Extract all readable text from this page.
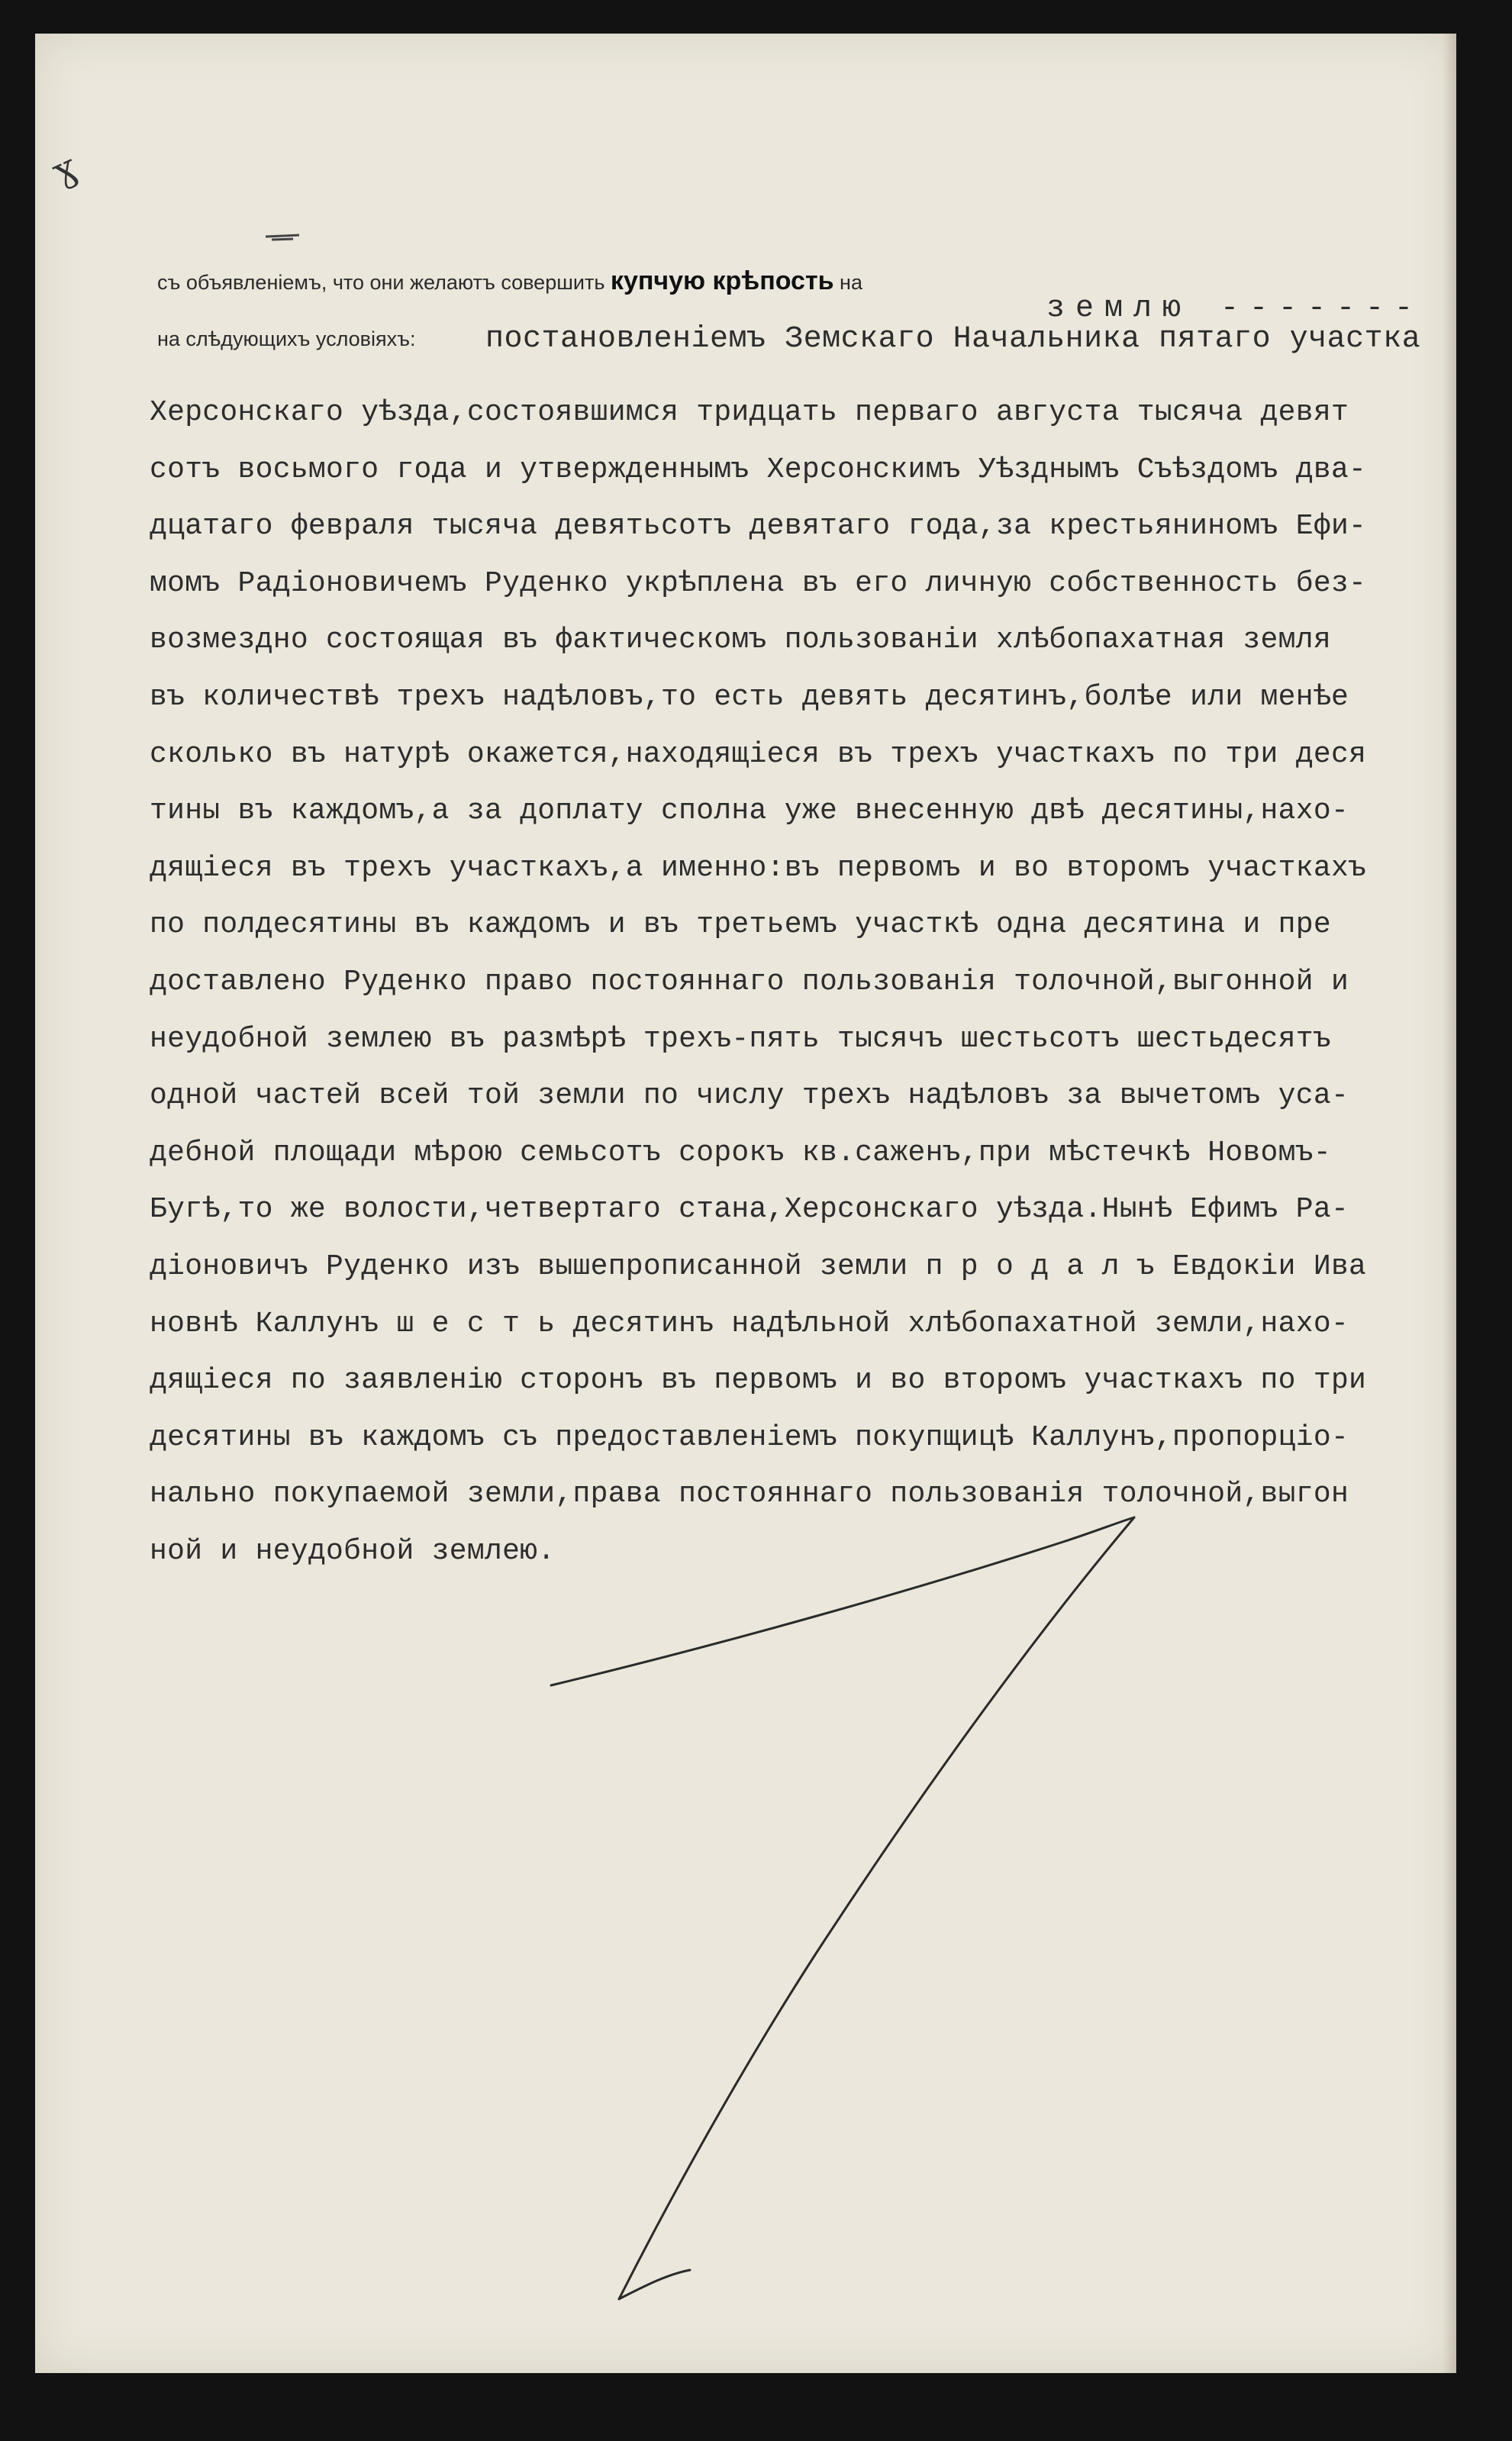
ɣ
съ объявленіемъ, что они желаютъ совершить купчую крѣпость на
землю -------
на слѣдующихъ условіяхъ: постановленіемъ Земскаго Начальника пятаго участка
Херсонскаго уѣзда,состоявшимся тридцать перваго августа тысяча девят
сотъ восьмого года и утвержденнымъ Херсонскимъ Уѣзднымъ Съѣздомъ два-
дцатаго февраля тысяча девятьсотъ девятаго года,за крестьяниномъ Ефи-
момъ Радіоновичемъ Руденко укрѣплена въ его личную собственность без-
возмездно состоящая въ фактическомъ пользованіи хлѣбопахатная земля
въ количествѣ трехъ надѣловъ,то есть девять десятинъ,болѣе или менѣе
сколько въ натурѣ окажется,находящіеся въ трехъ участкахъ по три деся
тины въ каждомъ,а за доплату сполна уже внесенную двѣ десятины,нахо-
дящіеся въ трехъ участкахъ,а именно:въ первомъ и во второмъ участкахъ
по полдесятины въ каждомъ и въ третьемъ участкѣ одна десятина и пре
доставлено Руденко право постояннаго пользованія толочной,выгонной и
неудобной землею въ размѣрѣ трехъ-пять тысячъ шестьсотъ шестьдесятъ
одной частей всей той земли по числу трехъ надѣловъ за вычетомъ уса-
дебной площади мѣрою семьсотъ сорокъ кв.саженъ,при мѣстечкѣ Новомъ-
Бугѣ,то же волости,четвертаго стана,Херсонскаго уѣзда.Нынѣ Ефимъ Ра-
діоновичъ Руденко изъ вышепрописанной земли п р о д а л ъ Евдокіи Ива
новнѣ Каллунъ ш е с т ь десятинъ надѣльной хлѣбопахатной земли,нахо-
дящіеся по заявленію сторонъ въ первомъ и во второмъ участкахъ по три
десятины въ каждомъ съ предоставленіемъ покупщицѣ Каллунъ,пропорціо-
нально покупаемой земли,права постояннаго пользованія толочной,выгон
ной и неудобной землею.
